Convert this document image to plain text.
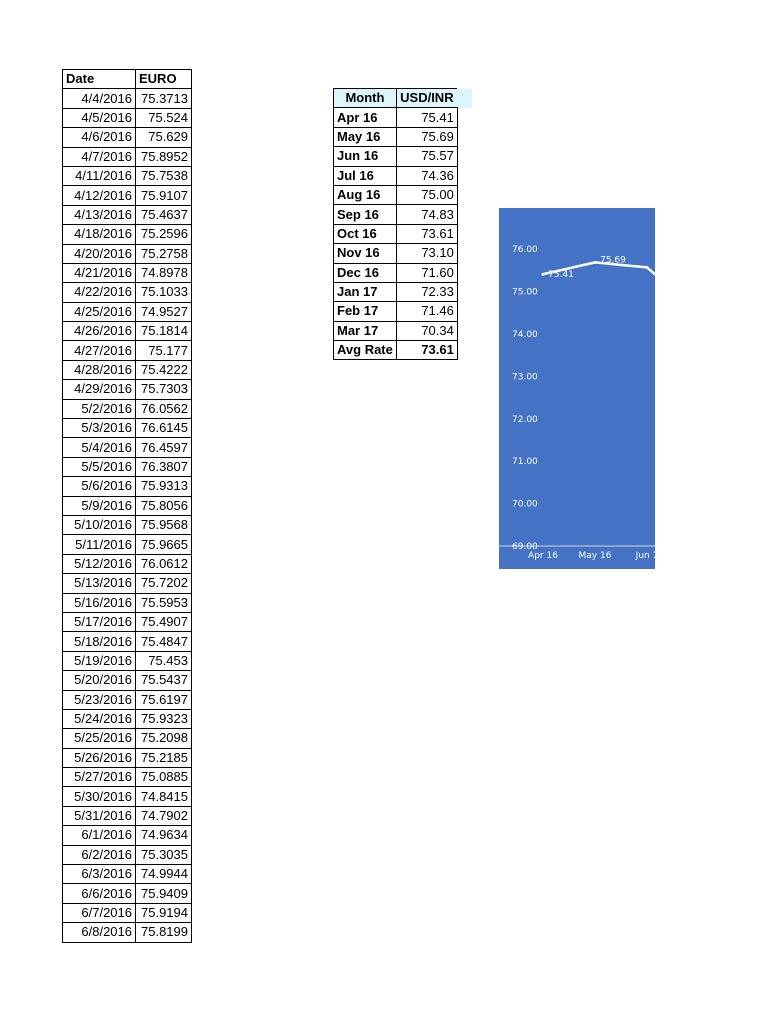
Date	EURO
4/4/2016	75.3713
4/5/2016	75.524
4/6/2016	75.629
4/7/2016	75.8952
4/11/2016	75.7538
4/12/2016	75.9107
4/13/2016	75.4637
4/18/2016	75.2596
4/20/2016	75.2758
4/21/2016	74.8978
4/22/2016	75.1033
4/25/2016	74.9527
4/26/2016	75.1814
4/27/2016	75.177
4/28/2016	75.4222
4/29/2016	75.7303
5/2/2016	76.0562
5/3/2016	76.6145
5/4/2016	76.4597
5/5/2016	76.3807
5/6/2016	75.9313
5/9/2016	75.8056
5/10/2016	75.9568
5/11/2016	75.9665
5/12/2016	76.0612
5/13/2016	75.7202
5/16/2016	75.5953
5/17/2016	75.4907
5/18/2016	75.4847
5/19/2016	75.453
5/20/2016	75.5437
5/23/2016	75.6197
5/24/2016	75.9323
5/25/2016	75.2098
5/26/2016	75.2185
5/27/2016	75.0885
5/30/2016	74.8415
5/31/2016	74.7902
6/1/2016	74.9634
6/2/2016	75.3035
6/3/2016	74.9944
6/6/2016	75.9409
6/7/2016	75.9194
6/8/2016	75.8199
Month	USD/INR	
Apr 16	75.41	
May 16	75.69	
Jun 16	75.57	
Jul 16	74.36	
Aug 16	75.00	
Sep 16	74.83	
Oct 16	73.61	
Nov 16	73.10	
Dec 16	71.60	
Jan 17	72.33	
Feb 17	71.46	
Mar 17	70.34	
Avg Rate	73.61	
69.00
70.00
71.00
72.00
73.00
74.00
75.00
76.00
Apr 16 May 16	Jun 1
75.41
75.69
